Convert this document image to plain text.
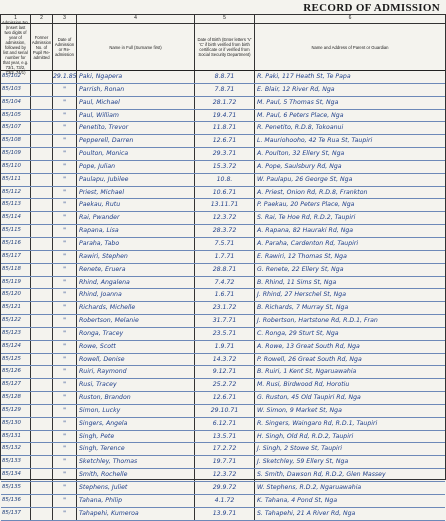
RECORD OF ADMISSION
1	2	3	4	5	6
Admission No. (Insert last two digits of year of admission, followed by list and serial number for that year, e.g. 73/1, 73/2, 73/3, 74/1)
Former Admission No. of Pupil Re-admitted
Date of Admission or Re-admission
Name in Full (Surname first)
Date of Birth (Enter letters 'V' 'C' if birth verified from birth certificate or if verified from Social Security Department)
Name and Address of Parent or Guardian
85/102	29.1.85 Paki, Ngapera	8.8.71	R. Paki, 117 Heath St, Te Papa
85/103	"	Parrish, Ronan	7.8.71	E. Blair, 12 River Rd, Nga
85/104	"	Paul, Michael	28.1.72	M. Paul, 5 Thomas St, Nga
85/105	"	Paul, William	19.4.71	M. Paul, 6 Peters Place, Nga
85/107	"	Penetito, Trevor	11.8.71	R. Penetito, R.D.8, Tokoanui
85/108	"	Pepperell, Darren	12.6.71	L. Mauriohooho, 42 Te Rua St, Taupiri
85/109	"	Poulton, Monica	29.3.71	A. Poulton, 32 Ellery St, Nga
85/110	"	Pope, Julian	15.3.72	A. Pope, Saulsbury Rd, Nga
85/111	"	Paulapu, Jubilee	10.8.	W. Paulapu, 26 George St, Nga
85/112	"	Priest, Michael	10.6.71	A. Priest, Onion Rd, R.D.8, Frankton
85/113	"	Paekau, Rutu	13.11.71	P. Paekau, 20 Peters Place, Nga
85/114	"	Rai, Pwander	12.3.72	S. Rai, Te Hoe Rd, R.D.2, Taupiri
85/115	"	Rapana, Lisa	28.3.72	A. Rapana, 82 Hauraki Rd, Nga
85/116	"	Paraha, Tabo	7.5.71	A. Paraha, Cardenton Rd, Taupiri
85/117	"	Rawiri, Stephen	1.7.71	E. Rawiri, 12 Thomas St, Nga
85/118	"	Renete, Eruera	28.8.71	G. Renete, 22 Ellery St, Nga
85/119	"	Rhind, Angalena	7.4.72	B. Rhind, 11 Sims St, Nga
85/120	"	Rhind, Joanna	1.6.71	J. Rhind, 27 Herschel St, Nga
85/121	"	Richards, Michelle	23.1.72	B. Richards, 7 Murray St, Nga
85/122	"	Robertson, Melanie	31.7.71	J. Robertson, Hartstone Rd, R.D.1, Fran
85/123	"	Ronga, Tracey	23.5.71	C. Ronga, 29 Sturt St, Nga
85/124	"	Rowe, Scott	1.9.71	A. Rowe, 13 Great South Rd, Nga
85/125	"	Rowell, Denise	14.3.72	P. Rowell, 26 Great South Rd, Nga
85/126	"	Ruiri, Raymond	9.12.71	B. Ruiri, 1 Kent St, Ngaruawahia
85/127	"	Rusi, Tracey	25.2.72	M. Rusi, Birdwood Rd, Horotiu
85/128	"	Ruston, Brandon	12.6.71	G. Ruston, 45 Old Taupiri Rd, Nga
85/129	"	Simon, Lucky	29.10.71	W. Simon, 9 Market St, Nga
85/130	"	Singers, Angela	6.12.71	R. Singers, Waingaro Rd, R.D.1, Taupiri
85/131	"	Singh, Pete	13.5.71	H. Singh, Old Rd, R.D.2, Taupiri
85/132	"	Singh, Terence	17.2.72	J. Singh, 2 Stowe St, Taupiri
85/133	"	Sketchley, Thomas	19.7.71	J. Sketchley, 59 Ellery St, Nga
85/134	"	Smith, Rochelle	12.3.72	S. Smith, Dawson Rd, R.D.2, Glen Massey
85/135	"	Stephens, Juliet	29.9.72	W. Stephens, R.D.2, Ngaruawahia
85/136	"	Tahana, Philip	4.1.72	K. Tahana, 4 Pond St, Nga
85/137	"	Tahapehi, Kumeroa	13.9.71	S. Tahapehi, 21 A River Rd, Nga
